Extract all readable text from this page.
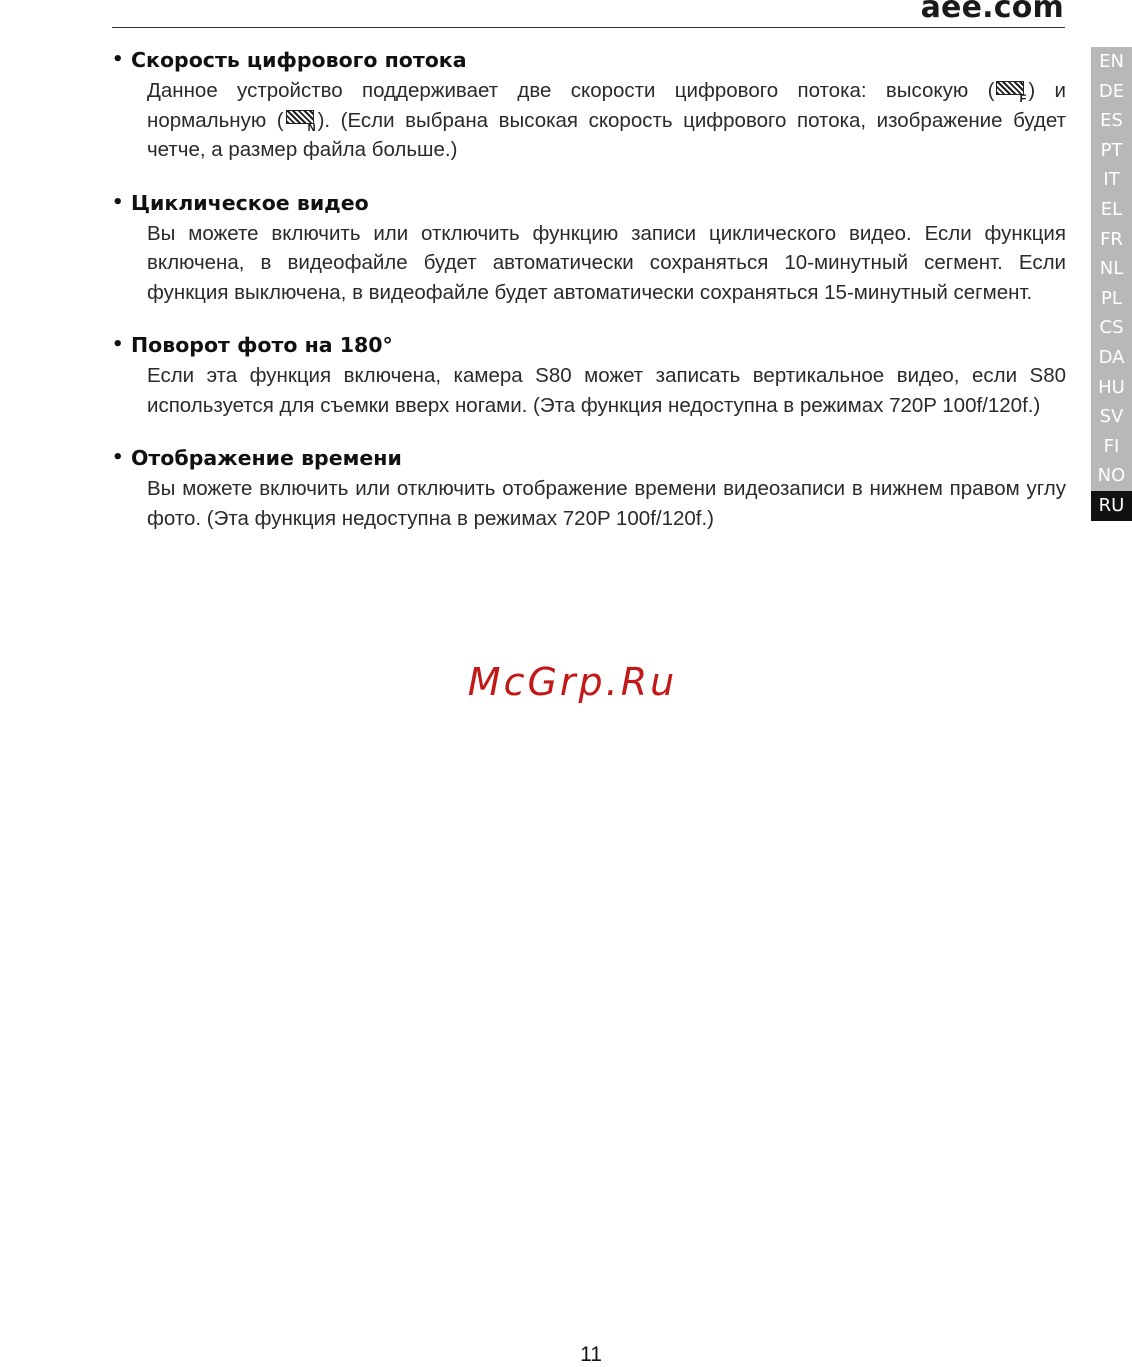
aee.com
• Скорость цифрового потока
Данное устройство поддерживает две скорости цифрового потока: высокую ( F ) и нормальную ( N ). (Если выбрана высокая скорость цифрового потока, изображение будет четче, а размер файла больше.)
• Циклическое видео
Вы можете включить или отключить функцию записи циклического видео. Если функция включена, в видеофайле будет автоматически сохраняться 10-минутный сегмент. Если функция выключена, в видеофайле будет автоматически сохраняться 15-минутный сегмент.
• Поворот фото на 180°
Если эта функция включена, камера S80 может записать вертикальное видео, если S80 используется для съемки вверх ногами. (Эта функция недоступна в режимах 720P 100f/120f.)
• Отображение времени
Вы можете включить или отключить отображение времени видеозаписи в нижнем правом углу фото. (Эта функция недоступна в режимах 720P 100f/120f.)
EN
DE
ES
PT
IT
EL
FR
NL
PL
CS
DA
HU
SV
FI
NO
RU
McGrp.Ru
11
